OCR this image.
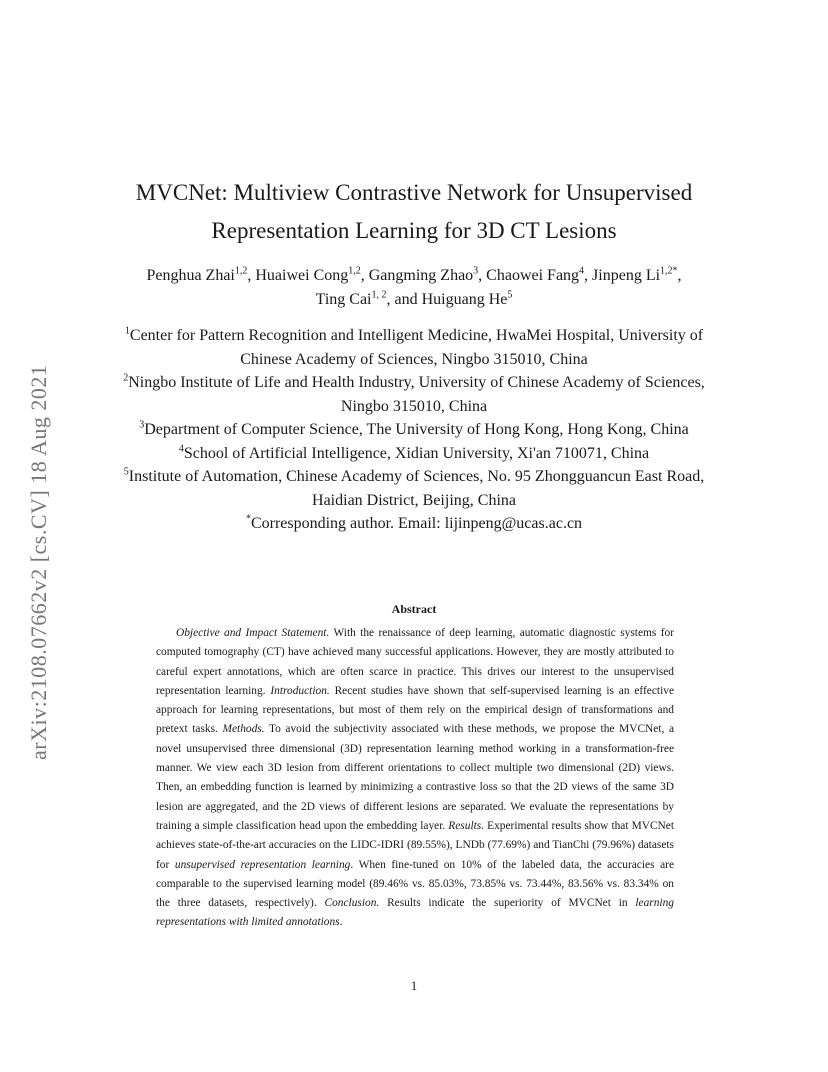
arXiv:2108.07662v2 [cs.CV] 18 Aug 2021
MVCNet: Multiview Contrastive Network for Unsupervised
Representation Learning for 3D CT Lesions
Penghua Zhai$^{1,2}$, Huaiwei Cong$^{1,2}$, Gangming Zhao$^3$, Chaowei Fang$^4$, Jinpeng $Li^{1,2*}$,
Ting Cai$^{1, 2}$, and Huiguang He$^5$

$^1$Center for Pattern Recognition and Intelligent Medicine, HwaMei Hospital, University of Chinese Academy of Sciences, Ningbo 315010, China

$^2$Ningbo Institute of Life and Health Industry, University of Chinese Academy of Sciences, Ningbo 315010, China

$^3$Department of Computer Science, The University of Hong Kong, Hong Kong, China

$^4$School of Artificial Intelligence, Xidian University, Xi'an 710071, China

$^5$Institute of Automation, Chinese Academy of Sciences, No. 95 Zhongguancun East Road, Haidian District, Beijing, China

*Corresponding author. Email: lijinpeng@ucas.ac.cn

Abstract

Objective and Impact Statement. With the renaissance of deep learning, automatic diagnostic systems for computed tomography (CT) have achieved many successful applications. However, they are mostly attributed to careful expert annotations, which are often scarce in practice. This drives our interest to the unsupervised representation learning. Introduction. Recent studies have shown that self-supervised learning is an effective approach for learning representations, but most of them rely on the empirical design of transformations and pretext tasks. Methods. To avoid the subjectivity associated with these methods, we propose the MVCNet, a novel unsupervised three dimensional (3D) representation learning method working in a transformation-free manner. We view each 3D lesion from different orientations to collect multiple two dimensional (2D) views. Then, an embedding function is learned by minimizing a contrastive loss so that the 2D views of the same 3D lesion are aggregated, and the 2D views of different lesions are separated. We evaluate the representations by training a simple classification head upon the embedding layer. Results. Experimental results show that MVCNet achieves state-of-the-art accuracies on the LIDC-IDRI (89.55%), LNDb (77.69%) and TianChi (79.96%) datasets for unsupervised representation learning. When fine-tuned on 10% of the labeled data, the accuracies are comparable to the supervised learning model (89.46% vs. 85.03%, 73.85% vs. 73.44%, 83.56% vs. 83.34% on the three datasets, respectively). Conclusion. Results indicate the superiority of MVCNet in learning representations with limited annotations.

1
